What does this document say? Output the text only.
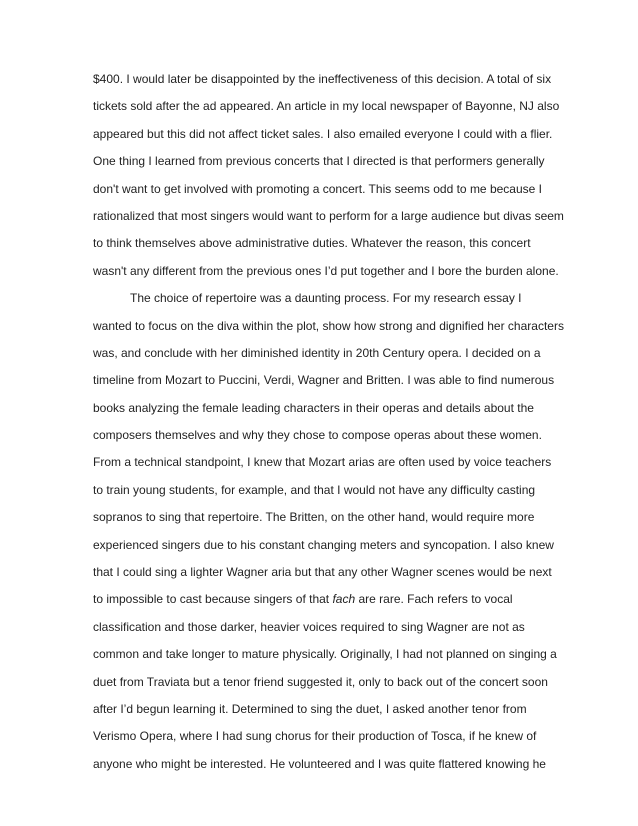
$400. I would later be disappointed by the ineffectiveness of this decision. A total of six
tickets sold after the ad appeared. An article in my local newspaper of Bayonne, NJ also
appeared but this did not affect ticket sales. I also emailed everyone I could with a flier.
One thing I learned from previous concerts that I directed is that performers generally
don't want to get involved with promoting a concert. This seems odd to me because I
rationalized that most singers would want to perform for a large audience but divas seem
to think themselves above administrative duties. Whatever the reason, this concert
wasn't any different from the previous ones I’d put together and I bore the burden alone.
The choice of repertoire was a daunting process. For my research essay I
wanted to focus on the diva within the plot, show how strong and dignified her characters
was, and conclude with her diminished identity in 20th Century opera. I decided on a
timeline from Mozart to Puccini, Verdi, Wagner and Britten. I was able to find numerous
books analyzing the female leading characters in their operas and details about the
composers themselves and why they chose to compose operas about these women.
From a technical standpoint, I knew that Mozart arias are often used by voice teachers
to train young students, for example, and that I would not have any difficulty casting
sopranos to sing that repertoire. The Britten, on the other hand, would require more
experienced singers due to his constant changing meters and syncopation. I also knew
that I could sing a lighter Wagner aria but that any other Wagner scenes would be next
to impossible to cast because singers of that fach are rare. Fach refers to vocal
classification and those darker, heavier voices required to sing Wagner are not as
common and take longer to mature physically. Originally, I had not planned on singing a
duet from Traviata but a tenor friend suggested it, only to back out of the concert soon
after I’d begun learning it. Determined to sing the duet, I asked another tenor from
Verismo Opera, where I had sung chorus for their production of Tosca, if he knew of
anyone who might be interested. He volunteered and I was quite flattered knowing he
